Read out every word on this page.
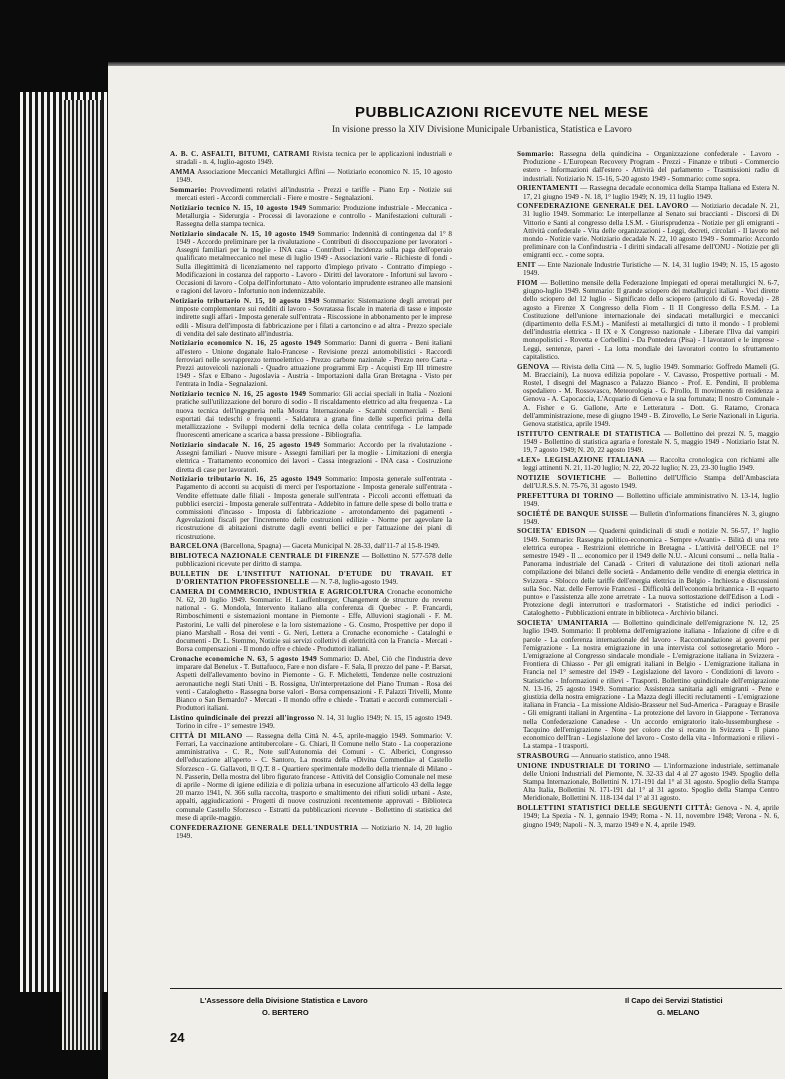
PUBBLICAZIONI RICEVUTE NEL MESE
In visione presso la XIV Divisione Municipale Urbanistica, Statistica e Lavoro
A. B. C. ASFALTI, BITUMI, CATRAMI Rivista tecnica per le applicazioni industriali e stradali - n. 4, luglio-agosto 1949.
AMMA Associazione Meccanici Metallurgici Affini — Notiziario economico N. 15, 10 agosto 1949.
Sommario: Provvedimenti relativi all'industria - Prezzi e tariffe - Piano Erp - Notizie sui mercati esteri - Accordi commerciali - Fiere e mostre - Segnalazioni.
Notiziario tecnico N. 15, 10 agosto 1949 Sommario: Produzione industriale - Meccanica - Metallurgia - Siderurgia - Processi di lavorazione e controllo - Manifestazioni culturali - Rassegna della stampa tecnica.
Notiziario sindacale N. 15, 10 agosto 1949 Sommario: Indennità di contingenza dal 1° 8 1949 - Accordo preliminare per la rivalutazione - Contributi di disoccupazione per lavoratori - Assegni familiari per la moglie - INA casa - Contributi - Incidenza sulla paga dell'operaio qualificato metalmeccanico nel mese di luglio 1949 - Associazioni varie - Richieste di fondi - Sulla illegittimità di licenziamento nel rapporto d'impiego privato - Contratto d'impiego - Modificazioni in costanza del rapporto - Lavoro - Diritti del lavoratore - Infortuni sul lavoro - Occasioni di lavoro - Colpa dell'infortunato - Atto volontario imprudente estraneo alle mansioni e ragioni del lavoro - Infortunio non indennizzabile.
Notiziario tributario N. 15, 10 agosto 1949 Sommario: Sistemazione degli arretrati per imposte complementare sui redditi di lavoro - Sovratassa fiscale in materia di tasse e imposte indirette sugli affari - Imposta generale sull'entrata - Riscossione in abbonamento per le imprese edili - Misura dell'imposta di fabbricazione per i filati a cartoncino e ad altra - Prezzo speciale di vendita del sale destinato all'industria.
Notiziario economico N. 16, 25 agosto 1949 Sommario: Danni di guerra - Beni italiani all'estero - Unione doganale Italo-Francese - Revisione prezzi automobilistici - Raccordi ferroviari nelle sovrapprezzo termoelettrico - Prezzo carbone nazionale - Prezzo nero Carta - Prezzi autoveicoli nazionali - Quadro attuazione programmi Erp - Acquisti Erp III trimestre 1949 - Sfax e Elbano - Jugoslavia - Austria - Importazioni dalla Gran Bretagna - Visto per l'entrata in India - Segnalazioni.
Notiziario tecnico N. 16, 25 agosto 1949 Sommario: Gli acciai speciali in Italia - Nozioni pratiche sull'utilizzazione del boruro di sodio - Il riscaldamento elettrico ad alta frequenza - La nuova tecnica dell'ingegneria nella Mostra Internazionale - Scambi commerciali - Beni esportati dai tedeschi e frequenti - Saldatura a grana fine delle superfici prima della metallizzazione - Sviluppi moderni della tecnica della colata centrifuga - Le lampade fluorescenti americane a scarica a bassa pressione - Bibliografia.
Notiziario sindacale N. 16, 25 agosto 1949 Sommario: Accordo per la rivalutazione - Assegni familiari - Nuove misure - Assegni familiari per la moglie - Limitazioni di energia elettrica - Trattamento economico dei lavori - Cassa integrazioni - INA casa - Costruzione diretta di case per lavoratori.
Notiziario tributario N. 16, 25 agosto 1949 Sommario: Imposta generale sull'entrata - Pagamento di acconti su acquisti di merci per l'esportazione - Imposta generale sull'entrata - Vendite effettuate dalle filiali - Imposta generale sull'entrata - Piccoli acconti effettuati da pubblici esercizi - Imposta generale sull'entrata - Addebito in fatture delle spese di bollo tratta e commissioni d'incasso - Imposta di fabbricazione - arrotondamento dei pagamenti - Agevolazioni fiscali per l'incremento delle costruzioni edilizie - Norme per agevolare la ricostruzione di abitazioni distrutte dagli eventi bellici e per l'attuazione dei piani di ricostruzione.
BARCELONA (Barcellona, Spagna) — Gaceta Municipal N. 28-33, dall'11-7 al 15-8-1949.
BIBLIOTECA NAZIONALE CENTRALE DI FIRENZE — Bollettino N. 577-578 delle pubblicazioni ricevute per diritto di stampa.
BULLETIN DE L'INSTITUT NATIONAL D'ETUDE DU TRAVAIL ET D'ORIENTATION PROFESSIONELLE — N. 7-8, luglio-agosto 1949.
CAMERA DI COMMERCIO, INDUSTRIA E AGRICOLTURA Cronache economiche N. 62, 20 luglio 1949. Sommario: H. Lauffenburger, Changement de structure du revenu national - G. Mondola, Intervento italiano alla conferenza di Quebec - P. Francardi, Rimboschimenti e sistemazioni montane in Piemonte - Effe, Alluvioni stagionali - F. M. Pastorini, Le valli del pinerolese e la loro sistemazione - G. Cosmo, Prospettive per dopo il piano Marshall - Rosa dei venti - G. Neri, Lettera a Cronache economiche - Cataloghi e documenti - Dr. L. Stemmo, Notizie sui servizi collettivi di elettricità con la Francia - Mercati - Borsa compensazioni - Il mondo offre e chiede - Produttori italiani.
Cronache economiche N. 63, 5 agosto 1949 Sommario: D. Abel, Ciò che l'industria deve imparare dal Benelux - T. Buttafuoco, Fare e non disfare - F. Sala, Il prezzo del pane - P. Barsat, Aspetti dell'allevamento bovino in Piemonte - G. F. Micheletti, Tendenze nelle costruzioni aeronautiche negli Stati Uniti - B. Rossigna, Un'interpretazione del Piano Truman - Rosa dei venti - Cataloghetto - Rassegna borse valori - Borsa compensazioni - F. Palazzi Trivelli, Monte Bianco o San Bernardo? - Mercati - Il mondo offre e chiede - Trattati e accordi commerciali - Produttori italiani.
Listino quindicinale dei prezzi all'ingrosso N. 14, 31 luglio 1949; N. 15, 15 agosto 1949. Torino in cifre - 1° semestre 1949.
CITTÀ DI MILANO — Rassegna della Città N. 4-5, aprile-maggio 1949. Sommario: V. Ferrari, La vaccinazione antitubercolare - G. Chiari, Il Comune nello Stato - La cooperazione amministrativa - C. R., Note sull'Autonomia dei Comuni - C. Alberici, Congresso dell'educazione all'aperto - C. Santoro, La mostra della «Divina Commedia» al Castello Sforzesco - G. Gallavoti, Il Q.T. 8 - Quartiere sperimentale modello della triennale di Milano - N. Passerin, Della mostra del libro figurato francese - Attività del Consiglio Comunale nel mese di aprile - Norme di igiene edilizia e di polizia urbana in esecuzione all'articolo 43 della legge 20 marzo 1941, N. 366 sulla raccolta, trasporto e smaltimento dei rifiuti solidi urbani - Aste, appalti, aggiudicazioni - Progetti di nuove costruzioni recentemente approvati - Biblioteca comunale Castello Sforzesco - Estratti da pubblicazioni ricevute - Bollettino di statistica del mese di aprile-maggio.
CONFEDERAZIONE GENERALE DELL'INDUSTRIA — Notiziario N. 14, 20 luglio 1949.
Sommario: Rassegna della quindicina - Organizzazione confederale - Lavoro - Produzione - L'European Recovery Program - Prezzi - Finanze e tributi - Commercio estero - Informazioni dall'estero - Attività del parlamento - Trasmissioni radio di industriali. Notiziario N. 15-16, 5-20 agosto 1949 - Sommario: come sopra.
ORIENTAMENTI — Rassegna decadale economica della Stampa Italiana ed Estera N. 17, 21 giugno 1949 - N. 18, 1° luglio 1949; N. 19, 11 luglio 1949.
CONFEDERAZIONE GENERALE DEL LAVORO — Notiziario decadale N. 21, 31 luglio 1949. Sommario: Le interpellanze al Senato sui braccianti - Discorsi di Di Vittorio e Santi al congresso della I.S.M. - Giurisprudenza - Notizie per gli emigranti - Attività confederale - Vita delle organizzazioni - Leggi, decreti, circolari - Il lavoro nel mondo - Notizie varie. Notiziario decadale N. 22, 10 agosto 1949 - Sommario: Accordo preliminare con la Confindustria - I diritti sindacali all'esame dell'ONU - Notizie per gli emigranti ecc. - come sopra.
ENIT — Ente Nazionale Industrie Turistiche — N. 14, 31 luglio 1949; N. 15, 15 agosto 1949.
FIOM — Bollettino mensile della Federazione Impiegati ed operai metallurgici N. 6-7, giugno-luglio 1949. Sommario: Il grande sciopero dei metallurgici italiani - Voci dirette dello sciopero del 12 luglio - Significato dello sciopero (articolo di G. Roveda) - 28 agosto a Firenze X Congresso della Fiom - Il II Congresso della F.S.M. - La Costituzione dell'unione internazionale dei sindacati metallurgici e meccanici (dipartimento della F.S.M.) - Manifesti ai metallurgici di tutto il mondo - I problemi dell'industria elettrica - II IX e X Congresso nazionale - Liberare l'Ilva dai vampiri monopolistici - Rovetta e Corbellini - Da Pontedera (Pisa) - I lavoratori e le imprese - Leggi, sentenze, pareri - La lotta mondiale dei lavoratori contro lo sfruttamento capitalistico.
GENOVA — Rivista della Città — N. 5, luglio 1949. Sommario: Goffredo Mameli (G. M. Bracciaini), La nuova edilizia popolare - V. Cavasso, Prospettive portuali - M. Rostel, I disegni del Magnasco a Palazzo Bianco - Prof. E. Pendini, Il problema ospedaliero - M. Rossovasco, Meteorologia - G. Pirollo, Il movimento di residenza a Genova - A. Capocaccia, L'Acquario di Genova e la sua fortunata; Il nostro Comunale - A. Fisher e G. Gallone, Arte e Letteratura - Dott. G. Ratamo, Cronaca dell'amministrazione, mese di giugno 1949 - B. Zirovello, Le Serie Nazionali in Liguria. Genova statistica, aprile 1949.
ISTITUTO CENTRALE DI STATISTICA — Bollettino dei prezzi N. 5, maggio 1949 - Bollettino di statistica agraria e forestale N. 5, maggio 1949 - Notiziario Istat N. 19, 7 agosto 1949; N. 20, 22 agosto 1949.
«LEX» LEGISLAZIONE ITALIANA — Raccolta cronologica con richiami alle leggi attinenti N. 21, 11-20 luglio; N. 22, 20-22 luglio; N. 23, 23-30 luglio 1949.
NOTIZIE SOVIETICHE — Bollettino dell'Ufficio Stampa dell'Ambasciata dell'U.R.S.S. N. 75-76, 31 agosto 1949.
PREFETTURA DI TORINO — Bollettino ufficiale amministrativo N. 13-14, luglio 1949.
SOCIÉTÉ DE BANQUE SUISSE — Bulletin d'informations financières N. 3, giugno 1949.
SOCIETA' EDISON — Quaderni quindicinali di studi e notizie N. 56-57, 1° luglio 1949. Sommario: Rassegna politico-economica - Sempre «Avanti» - Bilità di una rete elettrica europea - Restrizioni elettriche in Bretagna - L'attività dell'OECE nel 1° semestre 1949 - Il ... economico per il 1949 delle N.U. - Alcuni consumi ... nella Italia - Panorama industriale del Canadà - Criteri di valutazione dei titoli azionari nella compilazione dei bilanci delle società - Andamento delle vendite di energia elettrica in Svizzera - Sblocco delle tariffe dell'energia elettrica in Belgio - Inchiesta e discussioni sulla Soc. Naz. delle Ferrovie Francesi - Difficoltà dell'economia britannica - Il «quarto punto» e l'assistenza alle zone arretrate - La nuova sottostazione dell'Edison a Lodi - Protezione degli interruttori e trasformatori - Statistiche ed indici periodici - Cataloghetto - Pubblicazioni entrate in biblioteca - Archivio bilanci.
SOCIETA' UMANITARIA — Bollettino quindicinale dell'emigrazione N. 12, 25 luglio 1949. Sommario: Il problema dell'emigrazione italiana - Infazione di cifre e di parole - La conferenza internazionale del lavoro - Raccomandazione ai governi per l'emigrazione - La nostra emigrazione in una intervista col sottosegretario Moro - L'emigrazione al Congresso sindacale mondiale - L'emigrazione italiana in Svizzera - Frontiera di Chiasso - Per gli emigrati italiani in Belgio - L'emigrazione italiana in Francia nel 1° semestre del 1949 - Legislazione del lavoro - Condizioni di lavoro - Statistiche - Informazioni e rilievi - Trasporti. Bollettino quindicinale dell'emigrazione N. 13-16, 25 agosto 1949. Sommario: Assistenza sanitaria agli emigranti - Pene e giustizia della nostra emigrazione - La Mazza degli illeciti reclutamenti - L'emigrazione italiana in Francia - La missione Aldisio-Brasseur nel Sud-America - Paraguay e Brasile - Gli emigranti italiani in Argentina - La protezione del lavoro in Giappone - Terranova nella Confederazione Canadese - Un accordo emigratorio italo-lussemburghese - Tacquino dell'emigrazione - Note per coloro che si recano in Svizzera - Il piano economico dell'Iran - Legislazione del lavoro - Costo della vita - Informazioni e rilievi - La stampa - I trasporti.
STRASBOURG — Annuario statistico, anno 1948.
UNIONE INDUSTRIALE DI TORINO — L'informazione industriale, settimanale delle Unioni Industriali del Piemonte, N. 32-33 dal 4 al 27 agosto 1949. Spoglio della Stampa Internazionale, Bollettini N. 171-191 dal 1° al 31 agosto. Spoglio della Stampa Alta Italia, Bollettini N. 171-191 dal 1° al 31 agosto. Spoglio della Stampa Centro Meridionale, Bollettini N. 118-134 dal 1° al 31 agosto.
BOLLETTINI STATISTICI DELLE SEGUENTI CITTÀ: Genova - N. 4, aprile 1949; La Spezia - N. 1, gennaio 1949; Roma - N. 11, novembre 1948; Verona - N. 6, giugno 1949; Napoli - N. 3, marzo 1949 e N. 4, aprile 1949.
L'Assessore della Divisione Statistica e Lavoro
O. BERTERO
Il Capo dei Servizi Statistici
G. MELANO
24
